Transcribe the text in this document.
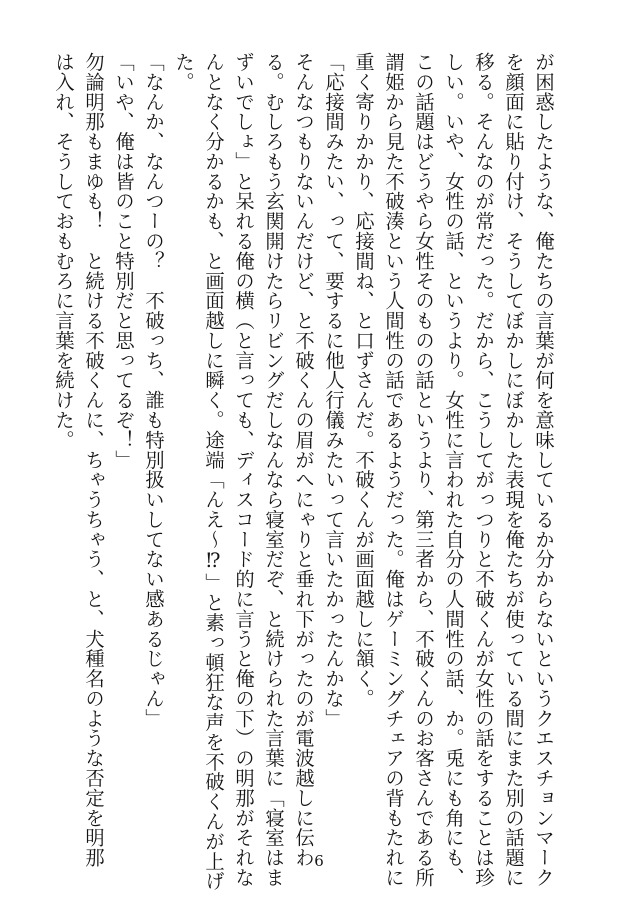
が困惑したような、俺たちの言葉が何を意味しているか分からないというクエスチョンマーク
を顔面に貼り付け、そうしてぼかしにぼかした表現を俺たちが使っている間にまた別の話題に
移る。そんなのが常だった。だから、こうしてがっつりと不破くんが女性の話をすることは珍
しい。いや、女性の話、というより。女性に言われた自分の人間性の話、か。兎にも角にも、
この話題はどうやら女性そのものの話というより、第三者から、不破くんのお客さんである所
謂姫から見た不破湊という人間性の話であるようだった。俺はゲーミングチェアの背もたれに
重く寄りかかり、応接間ね、と口ずさんだ。不破くんが画面越しに頷く。
「応接間みたい、って、要するに他人行儀みたいって言いたかったんかな」
そんなつもりないんだけど、と不破くんの眉がへにゃりと垂れ下がったのが電波越しに伝わ
る。むしろもう玄関開けたらリビングだしなんなら寝室だぞ、と続けられた言葉に「寝室はま
ずいでしょ」と呆れる俺の横（と言っても、ディスコード的に言うと俺の下）の明那がそれな
んとなく分かるかも、と画面越しに瞬く。途端「んえ〜⁉」と素っ頓狂な声を不破くんが上げ
た。
「なんか、なんつーの？　不破っち、誰も特別扱いしてない感あるじゃん」
「いや、俺は皆のこと特別だと思ってるぞ！」
勿論明那もまゆも！　と続ける不破くんに、ちゃうちゃう、と、犬種名のような否定を明那
は入れ、そうしておもむろに言葉を続けた。
6
